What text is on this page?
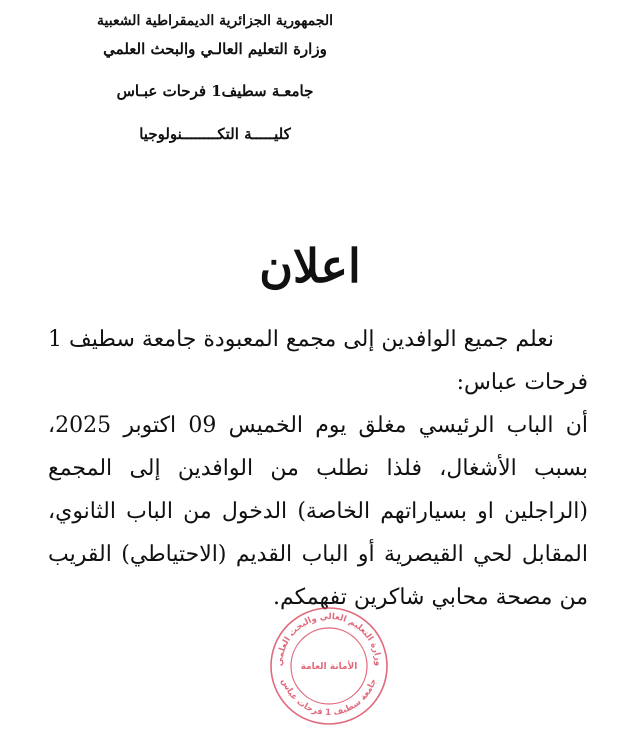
الجمهورية الجزائرية الديمقراطية الشعبية
وزارة التعليم العالـي والبحث العلمي
جامعـة سطيف1 فرحات عبـاس
كليـــــة التكــــــــنولوجيا
اعلان

نعلم جميع الوافدين إلى مجمع المعبودة جامعة سطيف 1 فرحات عباس:

أن الباب الرئيسي مغلق يوم الخميس 09 اكتوبر 2025، بسبب الأشغال، فلذا نطلب من الوافدين إلى المجمع (الراجلين او بسياراتهم الخاصة) الدخول من الباب الثانوي، المقابل لحي القيصرية أو الباب القديم (الاحتياطي) القريب من مصحة محابي شاكرين تفهمكم.

وزارة التعليم العالي والبحث العلمي
الأمانة العامة
جامعة سطيف 1 فرحات عباس
